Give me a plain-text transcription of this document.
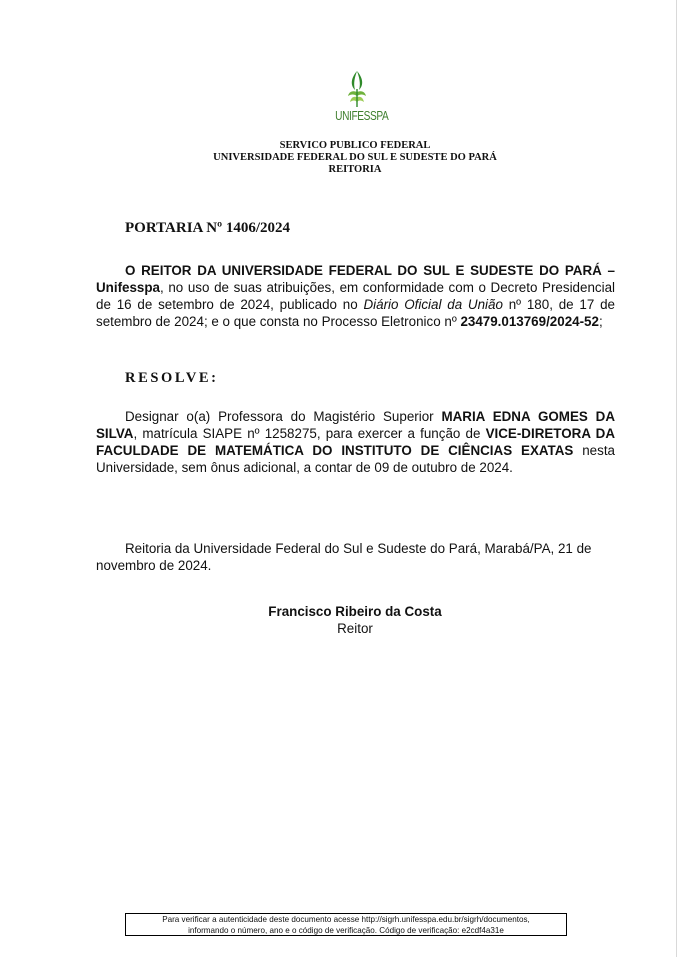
UNIFESSPA
SERVICO PUBLICO FEDERAL
UNIVERSIDADE FEDERAL DO SUL E SUDESTE DO PARÁ
REITORIA
PORTARIA Nº 1406/2024
O REITOR DA UNIVERSIDADE FEDERAL DO SUL E SUDESTE DO PARÁ – Unifesspa, no uso de suas atribuições, em conformidade com o Decreto Presidencial de 16 de setembro de 2024, publicado no Diário Oficial da União nº 180, de 17 de setembro de 2024; e o que consta no Processo Eletronico nº 23479.013769/2024-52;
RESOLVE:
Designar o(a) Professora do Magistério Superior MARIA EDNA GOMES DA SILVA, matrícula SIAPE nº 1258275, para exercer a função de VICE-DIRETORA DA FACULDADE DE MATEMÁTICA DO INSTITUTO DE CIÊNCIAS EXATAS nesta Universidade, sem ônus adicional, a contar de 09 de outubro de 2024.
Reitoria da Universidade Federal do Sul e Sudeste do Pará, Marabá/PA, 21 de novembro de 2024.
Francisco Ribeiro da Costa
Reitor
Para verificar a autenticidade deste documento acesse http://sigrh.unifesspa.edu.br/sigrh/documentos,
informando o número, ano e o código de verificação. Código de verificação: e2cdf4a31e
